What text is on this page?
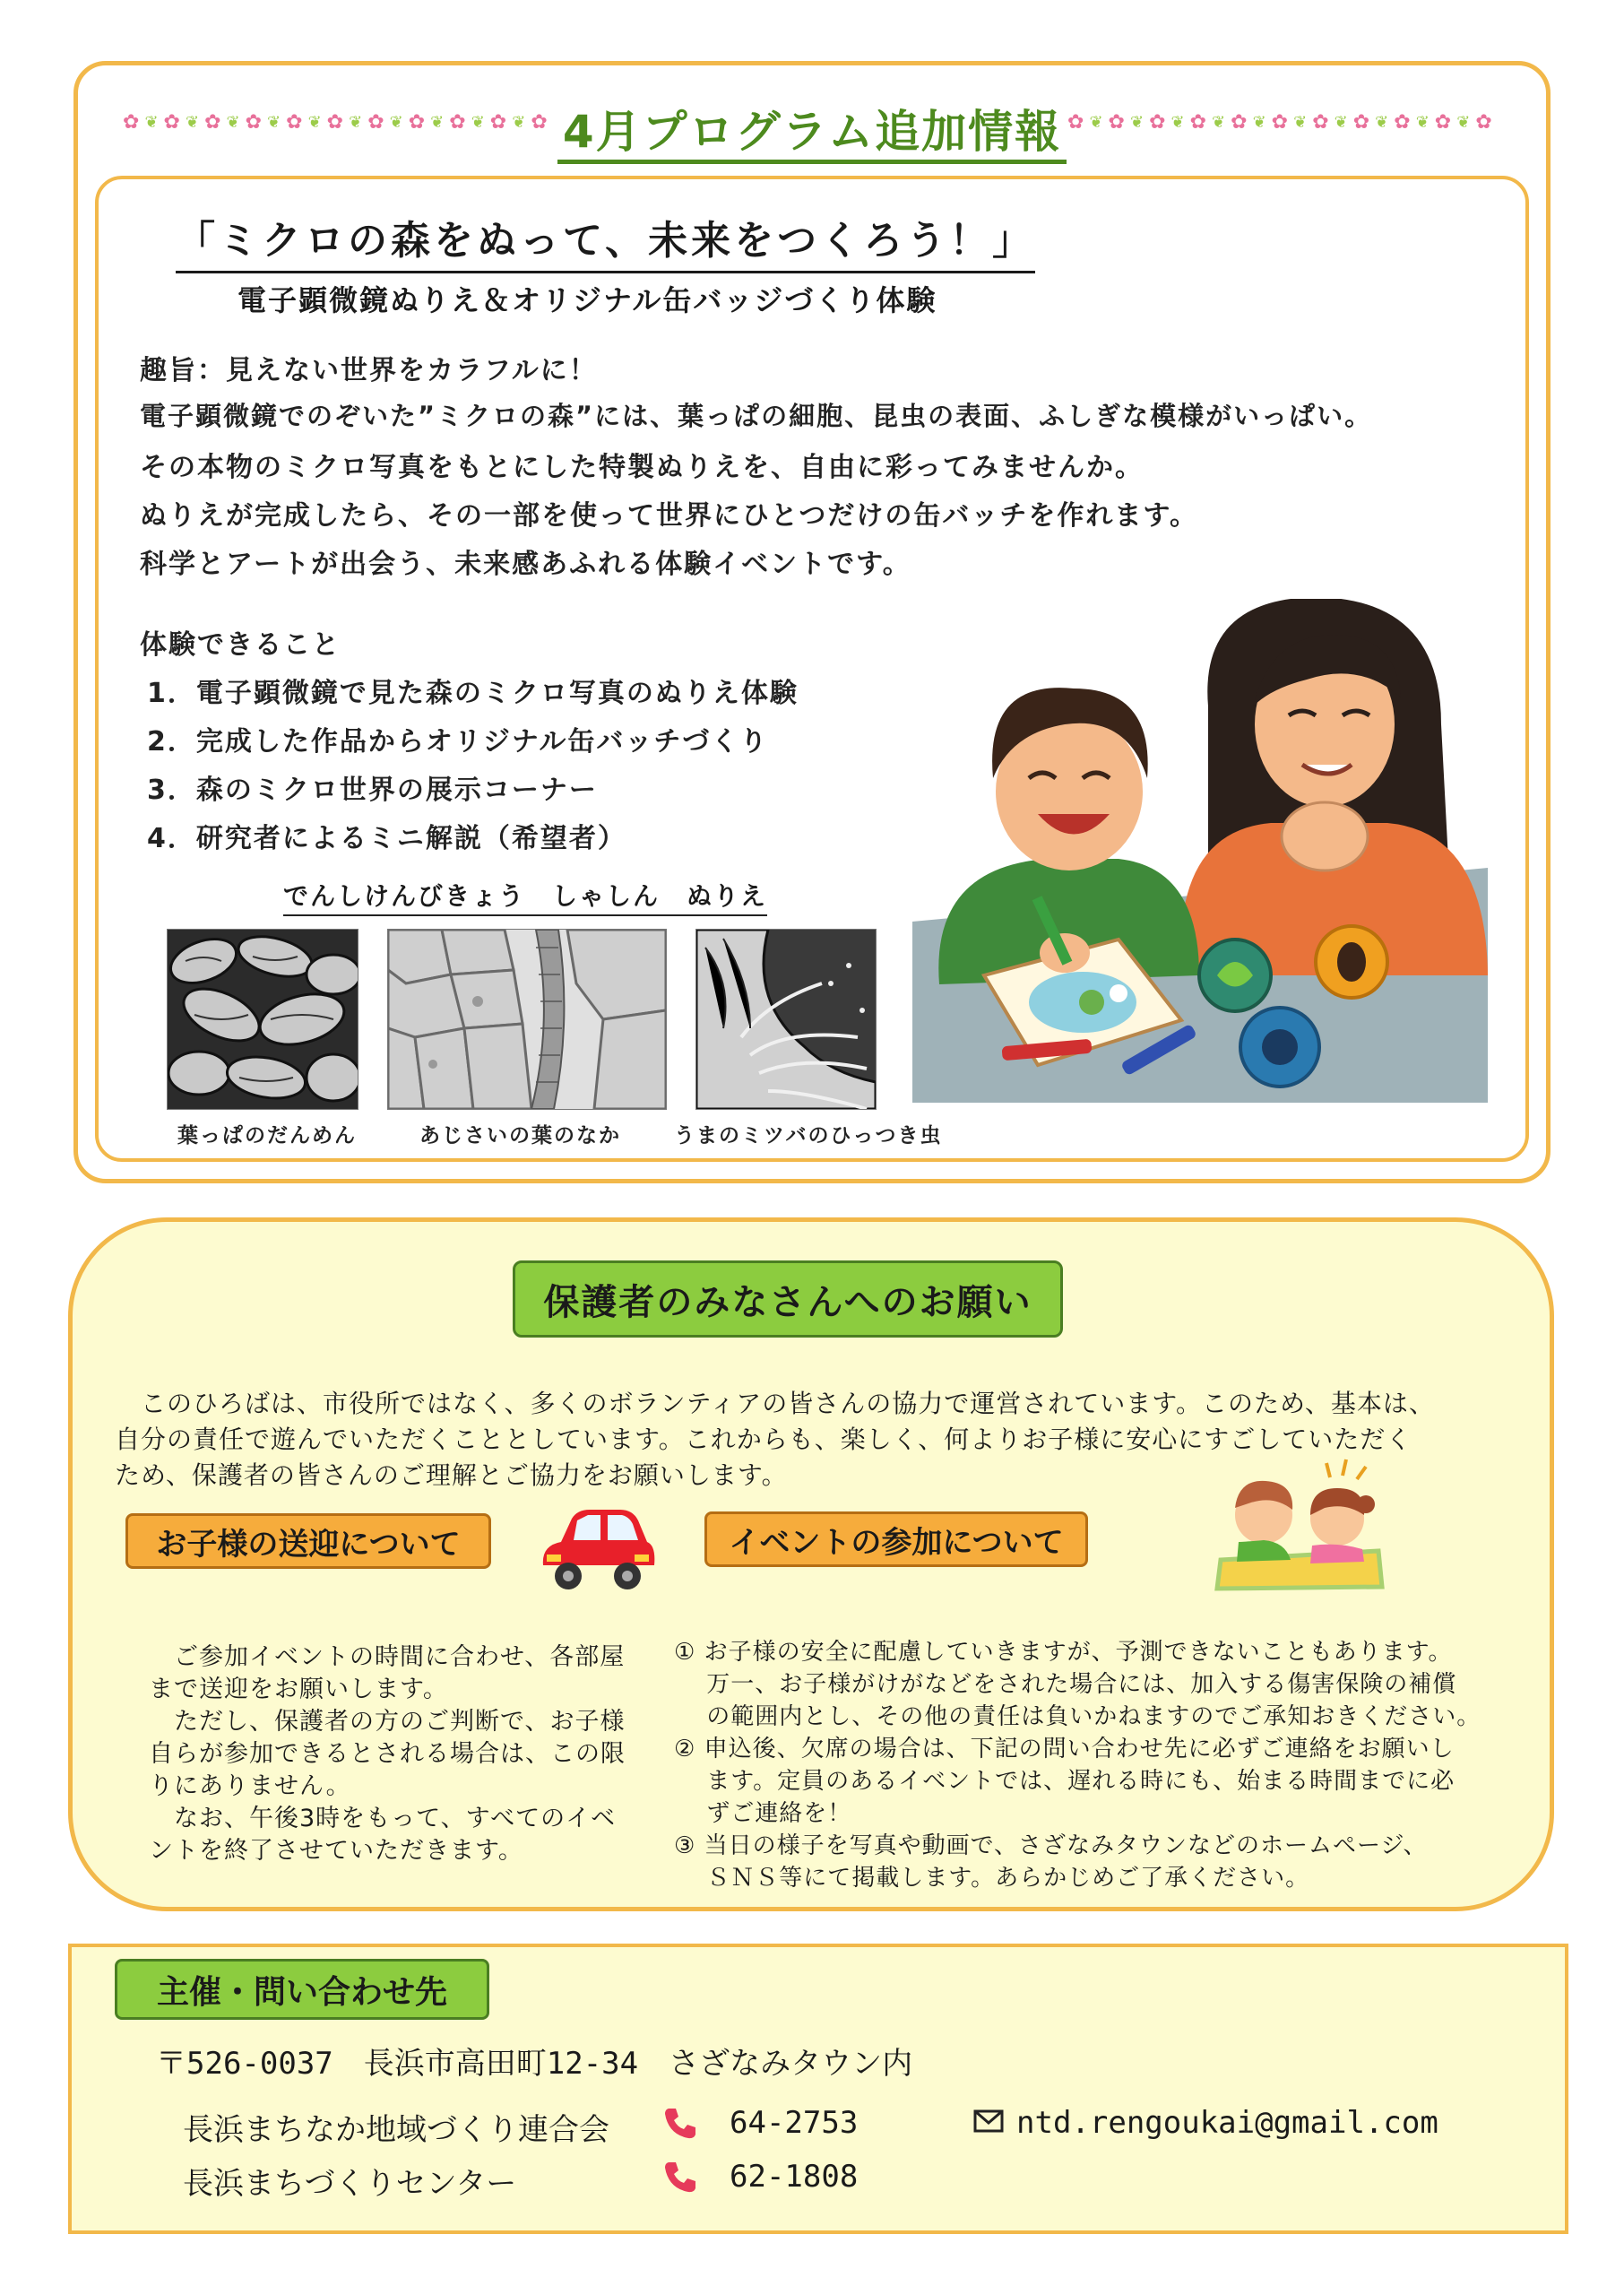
✿ ❦ ✿ ❦ ✿ ❦ ✿ ❦ ✿ ❦ ✿ ❦ ✿ ❦ ✿ ❦ ✿ ❦ ✿ ❦ ✿	✿ ❦ ✿ ❦ ✿ ❦ ✿ ❦ ✿ ❦ ✿ ❦ ✿ ❦ ✿ ❦ ✿ ❦ ✿ ❦ ✿
4月プログラム追加情報
「ミクロの森をぬって、未来をつくろう！」
電子顕微鏡ぬりえ＆オリジナル缶バッジづくり体験
趣旨：見えない世界をカラフルに！
電子顕微鏡でのぞいた”ミクロの森”には、葉っぱの細胞、昆虫の表面、ふしぎな模様がいっぱい。
その本物のミクロ写真をもとにした特製ぬりえを、自由に彩ってみませんか。
ぬりえが完成したら、その一部を使って世界にひとつだけの缶バッチを作れます。
科学とアートが出会う、未来感あふれる体験イベントです。
体験できること
1．電子顕微鏡で見た森のミクロ写真のぬりえ体験
2．完成した作品からオリジナル缶バッチづくり
3．森のミクロ世界の展示コーナー
4．研究者によるミニ解説（希望者）
でんしけんびきょう　しゃしん　ぬりえ
葉っぱのだんめん	あじさいの葉のなか	うまのミツバのひっつき虫
保護者のみなさんへのお願い
　このひろばは、市役所ではなく、多くのボランティアの皆さんの協力で運営されています。このため、基本は、
自分の責任で遊んでいただくこととしています。これからも、楽しく、何よりお子様に安心にすごしていただく
ため、保護者の皆さんのご理解とご協力をお願いします。
お子様の送迎について	イベントの参加について
　ご参加イベントの時間に合わせ、各部屋
まで送迎をお願いします。
　ただし、保護者の方のご判断で、お子様
自らが参加できるとされる場合は、この限
りにありません。
　なお、午後3時をもって、すべてのイベ
ントを終了させていただきます。
① お子様の安全に配慮していきますが、予測できないこともあります。
　 万一、お子様がけがなどをされた場合には、加入する傷害保険の補償
　 の範囲内とし、その他の責任は負いかねますのでご承知おきください。
② 申込後、欠席の場合は、下記の問い合わせ先に必ずご連絡をお願いし
　 ます。定員のあるイベントでは、遅れる時にも、始まる時間までに必
　 ずご連絡を！
③ 当日の様子を写真や動画で、さざなみタウンなどのホームページ、
　 ＳＮＳ等にて掲載します。あらかじめご了承ください。
主催・問い合わせ先
〒526-0037　長浜市高田町12-34　さざなみタウン内
長浜まちなか地域づくり連合会	64-2753	ntd.rengoukai@gmail.com
長浜まちづくりセンター	62-1808
